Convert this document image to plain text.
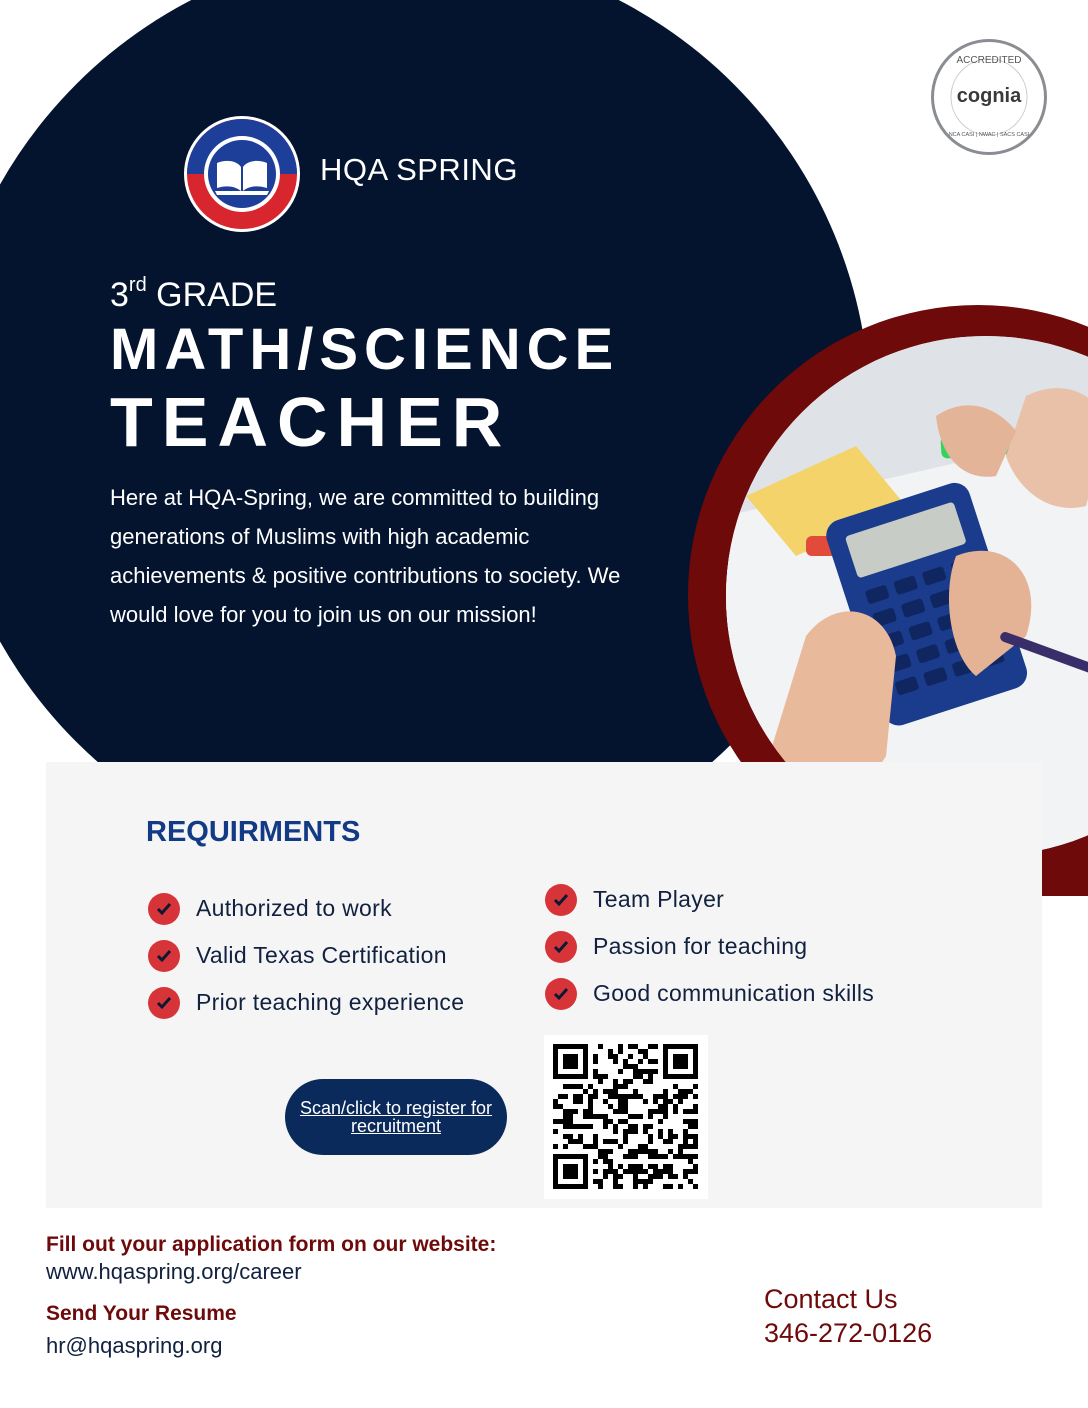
HQA SPRING
ACCREDITED
cognia
NCA CASI | NWAC | SACS CASI
3rd GRADE
MATH/SCIENCE
TEACHER
Here at HQA-Spring, we are committed to building generations of Muslims with high academic achievements & positive contributions to society. We would love for you to join us on our mission!
REQUIRMENTS
Authorized to work
Valid Texas Certification
Prior teaching experience
Team Player
Passion for teaching
Good communication skills
Scan/click to register for recruitment
Fill out your application form on our website:
www.hqaspring.org/career
Send Your Resume
hr@hqaspring.org
Contact Us
346-272-0126
